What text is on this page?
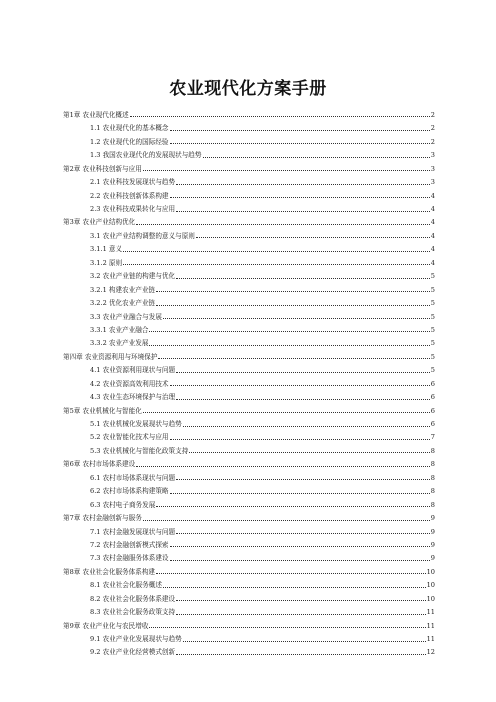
农业现代化方案手册
第1章 农业现代化概述	2
1.1 农业现代化的基本概念	2
1.2 农业现代化的国际经验	2
1.3 我国农业现代化的发展现状与趋势	3
第2章 农业科技创新与应用	3
2.1 农业科技发展现状与趋势	3
2.2 农业科技创新体系构建	4
2.3 农业科技成果转化与应用	4
第3章 农业产业结构优化	4
3.1 农业产业结构调整的意义与原则	4
3.1.1 意义	4
3.1.2 原则	4
3.2 农业产业链的构建与优化	5
3.2.1 构建农业产业链	5
3.2.2 优化农业产业链	5
3.3 农业产业融合与发展	5
3.3.1 农业产业融合	5
3.3.2 农业产业发展	5
第四章 农业资源利用与环境保护	5
4.1 农业资源利用现状与问题	5
4.2 农业资源高效利用技术	6
4.3 农业生态环境保护与治理	6
第5章 农业机械化与智能化	6
5.1 农业机械化发展现状与趋势	6
5.2 农业智能化技术与应用	7
5.3 农业机械化与智能化政策支持	8
第6章 农村市场体系建设	8
6.1 农村市场体系现状与问题	8
6.2 农村市场体系构建策略	8
6.3 农村电子商务发展	8
第7章 农村金融创新与服务	9
7.1 农村金融发展现状与问题	9
7.2 农村金融创新模式探索	9
7.3 农村金融服务体系建设	9
第8章 农业社会化服务体系构建	10
8.1 农业社会化服务概述	10
8.2 农业社会化服务体系建设	10
8.3 农业社会化服务政策支持	11
第9章 农业产业化与农民增收	11
9.1 农业产业化发展现状与趋势	11
9.2 农业产业化经营模式创新	12
